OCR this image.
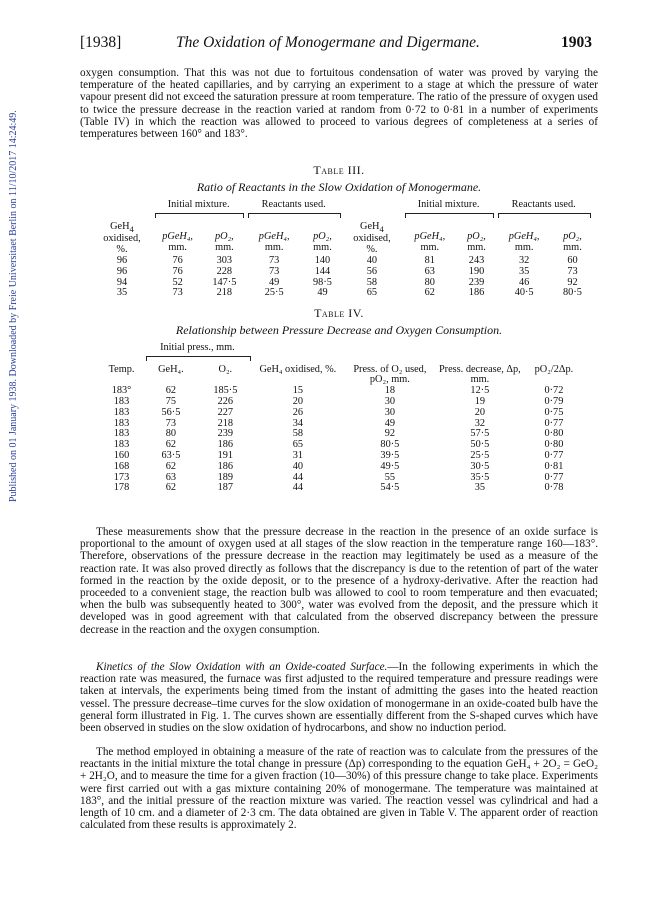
Published on 01 January 1938. Downloaded by Freie Universitaet Berlin on 11/10/2017 14:24:49.
[1938]	The Oxidation of Monogermane and Digermane.	1903

oxygen consumption. That this was not due to fortuitous condensation of water was proved by varying the temperature of the heated capillaries, and by carrying an experiment to a stage at which the pressure of water vapour present did not exceed the saturation pressure at room temperature. The ratio of the pressure of oxygen used to twice the pressure decrease in the reaction varied at random from 0·72 to 0·81 in a number of experiments (Table IV) in which the reaction was allowed to proceed to various degrees of completeness at a series of temperatures between 160° and 183°.

Table III.
Ratio of Reactants in the Slow Oxidation of Monogermane.
	Initial mixture.		Reactants used.			Initial mixture.		Reactants used.	

GeH$_4$
oxidised,
%.	pGeH₄,
mm.	pO₂,
mm.	pGeH₄,
mm.	pO₂,
mm.	GeH$_4$
oxidised,
%.	pGeH₄,
mm.	pO₂,
mm.	pGeH₄,
mm.	pO₂,
mm.
96	76	303	73	140	40	81	243	32	60
96	76	228	73	144	56	63	190	35	73
94	52	147·5	49	98·5	58	80	239	46	92
35	73	218	25·5	49	65	62	186	40·5	80·5
Table IV.
Relationship between Pressure Decrease and Oxygen Consumption.
	Initial press., mm.	

Temp.	GeH₄.	O₂.	GeH₄ oxidised, %.	Press. of O₂ used, pO₂, mm.	Press. decrease, Δp, mm.	pO₂/2Δp.
183°	62	185·5	15	18	12·5	0·72
183	75	226	20	30	19	0·79
183	56·5	227	26	30	20	0·75
183	73	218	34	49	32	0·77
183	80	239	58	92	57·5	0·80
183	62	186	65	80·5	50·5	0·80
160	63·5	191	31	39·5	25·5	0·77
168	62	186	40	49·5	30·5	0·81
173	63	189	44	55	35·5	0·77
178	62	187	44	54·5	35	0·78

These measurements show that the pressure decrease in the reaction in the presence of an oxide surface is proportional to the amount of oxygen used at all stages of the slow reaction in the temperature range 160—183°. Therefore, observations of the pressure decrease in the reaction may legitimately be used as a measure of the reaction rate. It was also proved directly as follows that the discrepancy is due to the retention of part of the water formed in the reaction by the oxide deposit, or to the presence of a hydroxy-derivative. After the reaction had proceeded to a convenient stage, the reaction bulb was allowed to cool to room temperature and then evacuated; when the bulb was subsequently heated to 300°, water was evolved from the deposit, and the pressure which it developed was in good agreement with that calculated from the observed discrepancy between the pressure decrease in the reaction and the oxygen consumption.

Kinetics of the Slow Oxidation with an Oxide-coated Surface.—In the following experiments in which the reaction rate was measured, the furnace was first adjusted to the required temperature and pressure readings were taken at intervals, the experiments being timed from the instant of admitting the gases into the heated reaction vessel. The pressure decrease–time curves for the slow oxidation of monogermane in an oxide-coated bulb have the general form illustrated in Fig. 1. The curves shown are essentially different from the S-shaped curves which have been observed in studies on the slow oxidation of hydrocarbons, and show no induction period.

The method employed in obtaining a measure of the rate of reaction was to calculate from the pressures of the reactants in the initial mixture the total change in pressure (Δp) corresponding to the equation GeH₄ + 2O₂ = GeO₂ + 2H₂O, and to measure the time for a given fraction (10—30%) of this pressure change to take place. Experiments were first carried out with a gas mixture containing 20% of monogermane. The temperature was maintained at 183°, and the initial pressure of the reaction mixture was varied. The reaction vessel was cylindrical and had a length of 10 cm. and a diameter of 2·3 cm. The data obtained are given in Table V. The apparent order of reaction calculated from these results is approximately 2.
